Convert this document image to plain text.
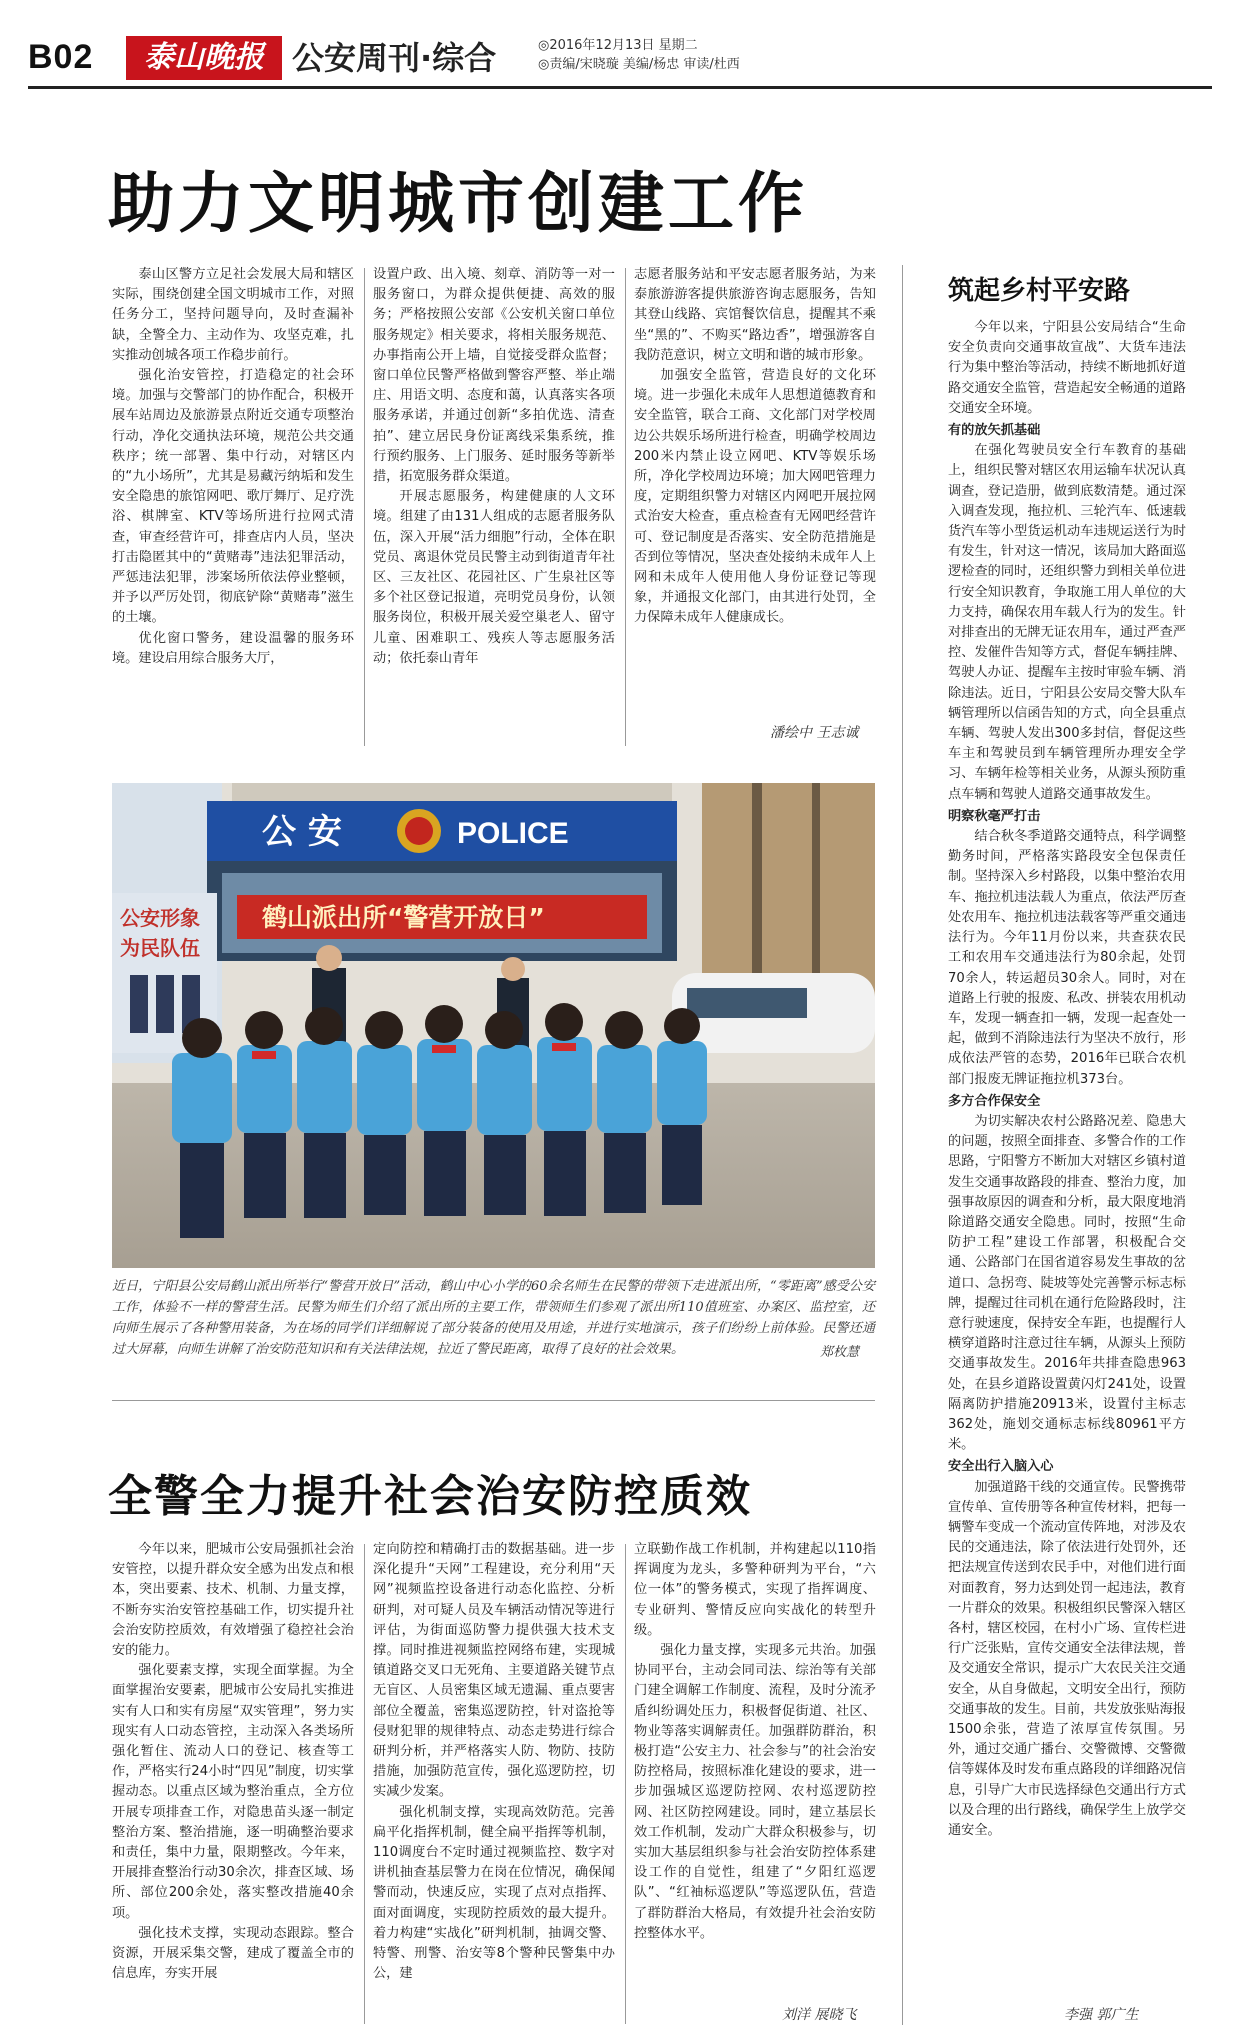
B02	泰山晚报 公安周刊·综合	◎2016年12月13日 星期二
◎责编/宋晓璇 美编/杨忠 审读/杜西
助力文明城市创建工作

泰山区警方立足社会发展大局和辖区实际，围绕创建全国文明城市工作，对照任务分工，坚持问题导向，及时查漏补缺，全警全力、主动作为、攻坚克难，扎实推动创城各项工作稳步前行。

强化治安管控，打造稳定的社会环境。加强与交警部门的协作配合，积极开展车站周边及旅游景点附近交通专项整治行动，净化交通执法环境，规范公共交通秩序；统一部署、集中行动，对辖区内的“九小场所”，尤其是易藏污纳垢和发生安全隐患的旅馆网吧、歌厅舞厅、足疗洗浴、棋牌室、KTV等场所进行拉网式清查，审查经营许可，排查店内人员，坚决打击隐匿其中的“黄赌毒”违法犯罪活动，严惩违法犯罪，涉案场所依法停业整顿，并予以严厉处罚，彻底铲除“黄赌毒”滋生的土壤。

优化窗口警务，建设温馨的服务环境。建设启用综合服务大厅，

设置户政、出入境、刻章、消防等一对一服务窗口，为群众提供便捷、高效的服务；严格按照公安部《公安机关窗口单位服务规定》相关要求，将相关服务规范、办事指南公开上墙，自觉接受群众监督；窗口单位民警严格做到警容严整、举止端庄、用语文明、态度和蔼，认真落实各项服务承诺，并通过创新“多拍优选、清查拍”、建立居民身份证离线采集系统，推行预约服务、上门服务、延时服务等新举措，拓宽服务群众渠道。

开展志愿服务，构建健康的人文环境。组建了由131人组成的志愿者服务队伍，深入开展“活力细胞”行动，全体在职党员、离退休党员民警主动到街道青年社区、三友社区、花园社区、广生泉社区等多个社区登记报道，亮明党员身份，认领服务岗位，积极开展关爱空巢老人、留守儿童、困难职工、残疾人等志愿服务活动；依托泰山青年

志愿者服务站和平安志愿者服务站，为来泰旅游游客提供旅游咨询志愿服务，告知其登山线路、宾馆餐饮信息，提醒其不乘坐“黑的”、不购买“路边香”，增强游客自我防范意识，树立文明和谐的城市形象。

加强安全监管，营造良好的文化环境。进一步强化未成年人思想道德教育和安全监管，联合工商、文化部门对学校周边公共娱乐场所进行检查，明确学校周边200米内禁止设立网吧、KTV等娱乐场所，净化学校周边环境；加大网吧管理力度，定期组织警力对辖区内网吧开展拉网式治安大检查，重点检查有无网吧经营许可、登记制度是否落实、安全防范措施是否到位等情况，坚决查处接纳未成年人上网和未成年人使用他人身份证登记等现象，并通报文化部门，由其进行处罚，全力保障未成年人健康成长。

潘绘中 王志诚
公 安	POLICE
鹤山派出所“警营开放日”
公安形象
为民队伍
近日，宁阳县公安局鹤山派出所举行“警营开放日”活动，鹤山中心小学的60余名师生在民警的带领下走进派出所，“零距离”感受公安工作，体验不一样的警营生活。民警为师生们介绍了派出所的主要工作，带领师生们参观了派出所110值班室、办案区、监控室，还向师生展示了各种警用装备，为在场的同学们详细解说了部分装备的使用及用途，并进行实地演示，孩子们纷纷上前体验。民警还通过大屏幕，向师生讲解了治安防范知识和有关法律法规，拉近了警民距离，取得了良好的社会效果。	郑枚慧
全警全力提升社会治安防控质效

今年以来，肥城市公安局强抓社会治安管控，以提升群众安全感为出发点和根本，突出要素、技术、机制、力量支撑，不断夯实治安管控基础工作，切实提升社会治安防控质效，有效增强了稳控社会治安的能力。

强化要素支撑，实现全面掌握。为全面掌握治安要素，肥城市公安局扎实推进实有人口和实有房屋“双实管理”，努力实现实有人口动态管控，主动深入各类场所强化暂住、流动人口的登记、核查等工作，严格实行24小时“四见”制度，切实掌握动态。以重点区域为整治重点，全方位开展专项排查工作，对隐患苗头逐一制定整治方案、整治措施，逐一明确整治要求和责任，集中力量，限期整改。今年来，开展排查整治行动30余次，排查区域、场所、部位200余处，落实整改措施40余项。

强化技术支撑，实现动态跟踪。整合资源，开展采集交警，建成了覆盖全市的信息库，夯实开展

定向防控和精确打击的数据基础。进一步深化提升“天网”工程建设，充分利用“天网”视频监控设备进行动态化监控、分析研判，对可疑人员及车辆活动情况等进行评估，为街面巡防警力提供强大技术支撑。同时推进视频监控网络布建，实现城镇道路交叉口无死角、主要道路关键节点无盲区、人员密集区域无遗漏、重点要害部位全覆盖，密集巡逻防控，针对盗抢等侵财犯罪的规律特点、动态走势进行综合研判分析，并严格落实人防、物防、技防措施，加强防范宣传，强化巡逻防控，切实减少发案。

强化机制支撑，实现高效防范。完善扁平化指挥机制，健全扁平指挥等机制，110调度台不定时通过视频监控、数字对讲机抽查基层警力在岗在位情况，确保闻警而动，快速反应，实现了点对点指挥、面对面调度，实现防控质效的最大提升。着力构建“实战化”研判机制，抽调交警、特警、刑警、治安等8个警种民警集中办公，建

立联勤作战工作机制，并构建起以110指挥调度为龙头，多警种研判为平台，“六位一体”的警务模式，实现了指挥调度、专业研判、警情反应向实战化的转型升级。

强化力量支撑，实现多元共治。加强协同平台，主动会同司法、综治等有关部门建全调解工作制度、流程，及时分流矛盾纠纷调处压力，积极督促街道、社区、物业等落实调解责任。加强群防群治，积极打造“公安主力、社会参与”的社会治安防控格局，按照标准化建设的要求，进一步加强城区巡逻防控网、农村巡逻防控网、社区防控网建设。同时，建立基层长效工作机制，发动广大群众积极参与，切实加大基层组织参与社会治安防控体系建设工作的自觉性，组建了“夕阳红巡逻队”、“红袖标巡逻队”等巡逻队伍，营造了群防群治大格局，有效提升社会治安防控整体水平。

刘洋 展晓飞
筑起乡村平安路

今年以来，宁阳县公安局结合“生命安全负责向交通事故宣战”、大货车违法行为集中整治等活动，持续不断地抓好道路交通安全监管，营造起安全畅通的道路交通安全环境。

有的放矢抓基础

在强化驾驶员安全行车教育的基础上，组织民警对辖区农用运输车状况认真调查，登记造册，做到底数清楚。通过深入调查发现，拖拉机、三轮汽车、低速载货汽车等小型货运机动车违规运送行为时有发生，针对这一情况，该局加大路面巡逻检查的同时，还组织警力到相关单位进行安全知识教育，争取施工用人单位的大力支持，确保农用车载人行为的发生。针对排查出的无牌无证农用车，通过严查严控、发催件告知等方式，督促车辆挂牌、驾驶人办证、提醒车主按时审验车辆、消除违法。近日，宁阳县公安局交警大队车辆管理所以信函告知的方式，向全县重点车辆、驾驶人发出300多封信，督促这些车主和驾驶员到车辆管理所办理安全学习、车辆年检等相关业务，从源头预防重点车辆和驾驶人道路交通事故发生。

明察秋毫严打击

结合秋冬季道路交通特点，科学调整勤务时间，严格落实路段安全包保责任制。坚持深入乡村路段，以集中整治农用车、拖拉机违法载人为重点，依法严厉查处农用车、拖拉机违法载客等严重交通违法行为。今年11月份以来，共查获农民工和农用车交通违法行为80余起，处罚70余人，转运超员30余人。同时，对在道路上行驶的报废、私改、拼装农用机动车，发现一辆查扣一辆，发现一起查处一起，做到不消除违法行为坚决不放行，形成依法严管的态势，2016年已联合农机部门报废无牌证拖拉机373台。

多方合作保安全

为切实解决农村公路路况差、隐患大的问题，按照全面排查、多警合作的工作思路，宁阳警方不断加大对辖区乡镇村道发生交通事故路段的排查、整治力度，加强事故原因的调查和分析，最大限度地消除道路交通安全隐患。同时，按照“生命防护工程”建设工作部署，积极配合交通、公路部门在国省道容易发生事故的岔道口、急拐弯、陡坡等处完善警示标志标牌，提醒过往司机在通行危险路段时，注意行驶速度，保持安全车距，也提醒行人横穿道路时注意过往车辆，从源头上预防交通事故发生。2016年共排查隐患963处，在县乡道路设置黄闪灯241处，设置隔离防护措施20913米，设置付主标志362处，施划交通标志标线80961平方米。

安全出行入脑入心

加强道路干线的交通宣传。民警携带宣传单、宣传册等各种宣传材料，把每一辆警车变成一个流动宣传阵地，对涉及农民的交通违法，除了依法进行处罚外，还把法规宣传送到农民手中，对他们进行面对面教育，努力达到处罚一起违法，教育一片群众的效果。积极组织民警深入辖区各村，辖区校园，在村小广场、宣传栏进行广泛张贴，宣传交通安全法律法规，普及交通安全常识，提示广大农民关注交通安全，从自身做起，文明安全出行，预防交通事故的发生。目前，共发放张贴海报1500余张，营造了浓厚宣传氛围。另外，通过交通广播台、交警微博、交警微信等媒体及时发布重点路段的详细路况信息，引导广大市民选择绿色交通出行方式以及合理的出行路线，确保学生上放学交通安全。

李强 郭广生
